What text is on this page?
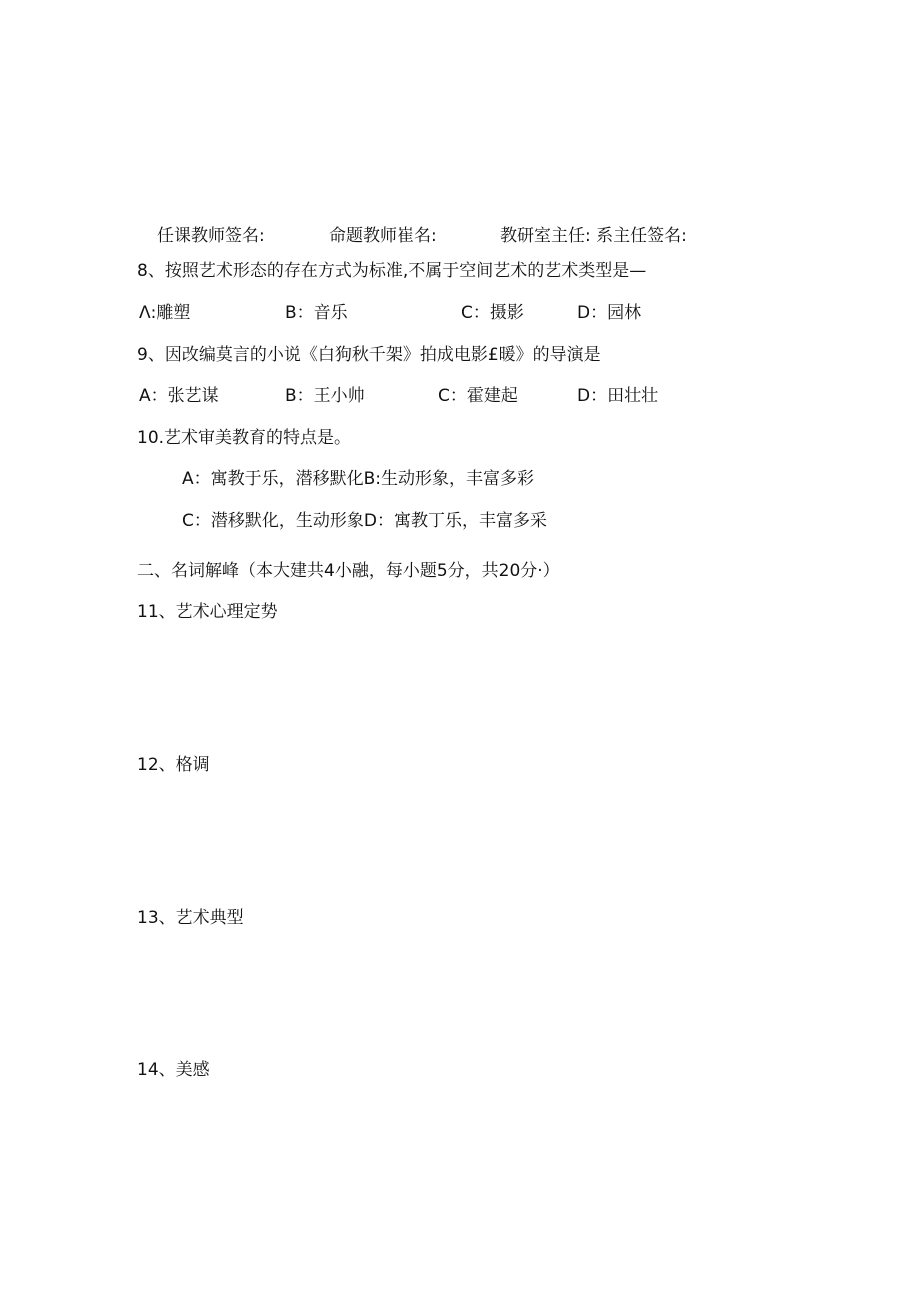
任课教师签名:	命题教师崔名:	教研室主任: 系主任签名:
8、按照艺术形态的存在方式为标准,不属于空间艺术的艺术类型是—
Λ:雕塑	B：音乐	C：摄影	D：园林
9、因改编莫言的小说《白狗秋千架》拍成电影£暖》的导演是
A：张艺谋	B：王小帅	C：霍建起	D：田壮壮
10.艺术审美教育的特点是。
A：寓教于乐，潜移默化B:生动形象，丰富多彩
C：潜移默化，生动形象D：寓教丁乐，丰富多采
二、名词解峰（本大建共4小融，每小题5分，共20分·）
11、艺术心理定势
12、格调
13、艺术典型
14、美感
